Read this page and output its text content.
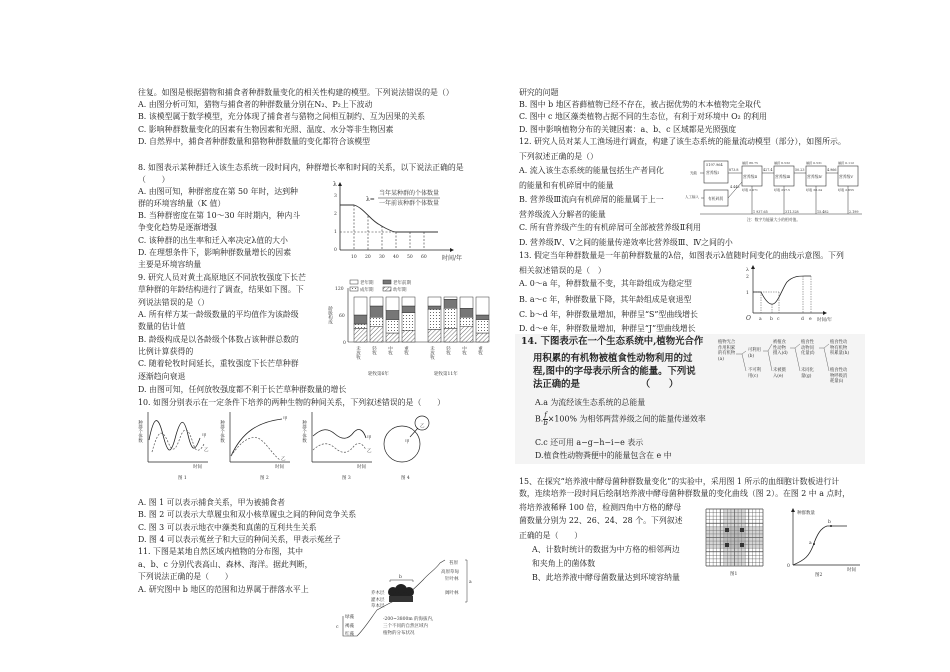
往复。如图是根据猎物和捕食者种群数量变化的相关性构建的模型。下列说法错误的是（）
A. 由图分析可知，猎物与捕食者的种群数量分别在N₂、P₂上下波动
B. 该模型属于数学模型，充分体现了捕食者与猎物之间相互制约、互为因果的关系
C. 影响种群数量变化的因素有生物因素和光照、温度、水分等非生物因素
D. 自然界中，捕食者种群数量和猎物种群数量的变化都符合该模型
8. 如图表示某种群迁入该生态系统一段时间内，种群增长率和时间的关系，以下说法正确的是
（　　）
A. 由图可知，种群密度在第 50 年时，达到种
群的环境容纳量（K 值）
B. 当种群密度在第 10～30 年时期内，种内斗
争变化趋势是逐渐增强
C. 该种群的出生率和迁入率决定λ值的大小
D. 在理想条件下，影响种群数量增长的因素
主要是环境容纳量
9. 研究人员对黄土高原地区不同放牧强度下长芒
草种群的年龄结构进行了调查，结果如下图。下
列说法错误的是（）
A. 所有样方某一龄级数量的平均值作为该龄级
数量的估计值
B. 龄级构成是以各龄级个体数占该种群总数的
比例计算获得的
C. 随着轮牧时间延长，重牧强度下长芒草种群
逐渐趋向衰退
D. 由图可知，任何放牧强度都不利于长芒草种群数量的增长
10. 如图分别表示在一定条件下培养的两种生物的种间关系，下列叙述错误的是（　　）
A. 图 1 可以表示捕食关系，甲为被捕食者
B. 图 2 可以表示大草履虫和双小核草履虫之间的种间竞争关系
C. 图 3 可以表示地衣中藻类和真菌的互利共生关系
D. 图 4 可以表示菟丝子和大豆的种间关系，甲表示菟丝子
11. 下图是某地自然区域内植物的分布图，其中
a、b、c 分别代表高山、森林、海洋。据此判断，
下列说法正确的是（　　）
A. 研究图中 b 地区的范围和边界属于群落水平上
λ
3
2
1
0
10 20 30 40 50 60	时间/年
λ=
当年某种群的个体数量
一年前该种群个体数量
老年期	老年前期
成年期	幼年期
120
60
0
龄级构成
未放牧 轻牧 中牧 重牧	未放牧 轻牧 中牧 重牧
轮牧第6年	轮牧第11年
种群个体数	甲
乙
时间
图 1
种群个体数
甲
乙
时间
图 2
种群个体数	甲
乙
时间
图 3
甲
乙
图 4
b
乔木层
灌木层
草本层
苔原
高原草甸
针叶林
阔叶林
a
绿藻
褐藻
红藻
c
-200~3800m 的海拔内，
三个不同的自然区域内
植物的分布状况
研究的问题
B. 图中 b 地区苔藓植物已经不存在，被占据优势的木本植物完全取代
C. 图中 c 地区藻类植物占据不同的生态位，有利于对环境中 O₂ 的利用
D. 图中影响植物分布的关键因素：a、b、c 区域都是光照强度
12. 研究人员对某人工渔场进行调查，构建了该生态系统的能量流动模型（部分），如图所示。
下列叙述正确的是（）
A. 流入该生态系统的能量包括生产者同化
的能量和有机碎屑中的能量
B. 营养级Ⅲ流向有机碎屑的能量属于上一
营养级流入分解者的能量
C. 所有营养级产生的有机碎屑可全部被营养级Ⅱ利用
D. 营养级Ⅳ、Ⅴ之间的能量传递效率比营养级Ⅲ、Ⅳ之间的小
13. 假定当年种群数量是一年前种群数量的λ倍，如图表示λ值随时间变化的曲线示意图。下列
相关叙述错误的是（　）
A. 0～a 年，种群数量不变，其年龄组成为稳定型
B. a～c 年，种群数量下降，其年龄组成是衰退型
C. b～d 年，种群数量增加，种群呈“S”型曲线增长
D. d～e 年，种群数量增加，种群呈“J”型曲线增长
14. 下图表示在一个生态系统中,植物光合作
用积累的有机物被植食性动物利用的过
程,图中的字母表示所含的能量。下列说
法正确的是　　　　　　　（　　）
A.a 为流经该生态系统的总能量
B. $\frac{f}{b} \times 100\%$ 为相邻两营养级之间的能量传递效率
C.c 还可用 a−g−h−i−e 表示
D.植食性动物粪便中的能量包含在 e 中
15、在探究“培养液中酵母菌种群数量变化”的实验中，采用图 1 所示的血细胞计数板进行计
数，连续培养一段时间后绘制培养液中酵母菌种群数量的变化曲线（图 2）。在图 2 中 a 点时，
将培养液稀释 100 倍，检测四角中方格的酵母
菌数量分别为 22、26、24、28 个。下列叙述
正确的是（　　）
A、计数时统计的数据为中方格的相邻两边
和夹角上的菌体数
B、此培养液中酵母菌数量达到环境容纳量
5197.964
营养级Ⅰ
营养级Ⅱ	营养级Ⅲ	营养级Ⅳ	营养级Ⅴ
有机碎屑
光能
人工输入
873.8	427.4	50.23	4.966
4.448
捕捞 86.75	捕捞 6.532	捕捞 0.531	捕捞 0.112
呼吸 2.071	呼吸 257.5	呼吸 38.24	呼吸 2.655
1 937.65	311.328	15.482	2.199
注：数字为能量大小的相对值。
λ
2
1
O a b c	d e 时间/年
植物光合作用积累的有机物(a)
可利用(b)
不可利用(c)
被植食性动物摄入(d)
未被摄入(e)
植食性动物同化量(f)
未同化量(g)
植食性动物有机物积累量(h)
植食性动物呼吸消耗量(i)
图1
种群数量
0
a
b
时间
图2
